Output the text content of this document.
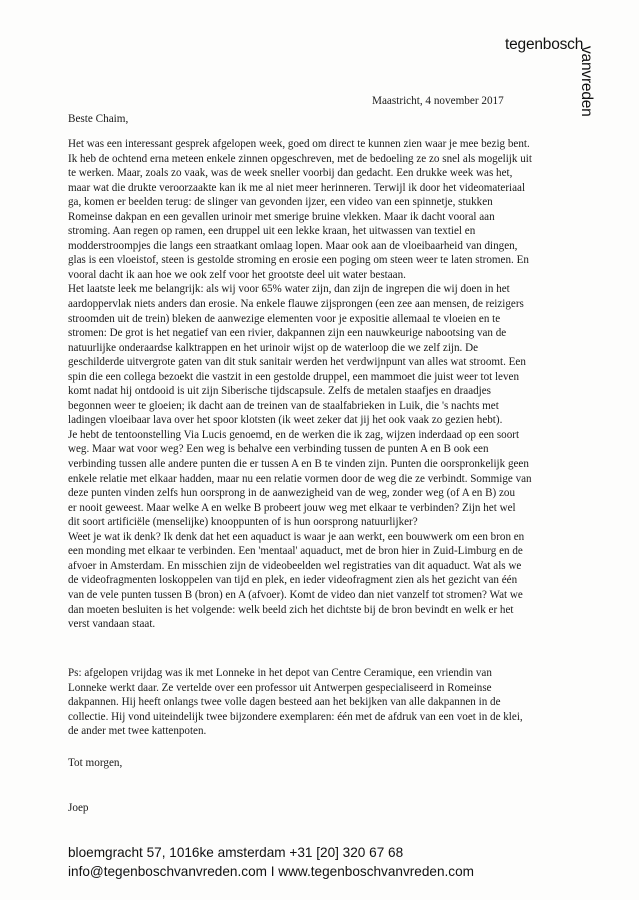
tegenbosch
vanvreden
Maastricht, 4 november 2017
Beste Chaim,
Het was een interessant gesprek afgelopen week, goed om direct te kunnen zien waar je mee bezig bent.
Ik heb de ochtend erna meteen enkele zinnen opgeschreven, met de bedoeling ze zo snel als mogelijk uit
te werken. Maar, zoals zo vaak, was de week sneller voorbij dan gedacht. Een drukke week was het,
maar wat die drukte veroorzaakte kan ik me al niet meer herinneren. Terwijl ik door het videomateriaal
ga, komen er beelden terug: de slinger van gevonden ijzer, een video van een spinnetje, stukken
Romeinse dakpan en een gevallen urinoir met smerige bruine vlekken. Maar ik dacht vooral aan
stroming. Aan regen op ramen, een druppel uit een lekke kraan, het uitwassen van textiel en
modderstroompjes die langs een straatkant omlaag lopen. Maar ook aan de vloeibaarheid van dingen,
glas is een vloeistof, steen is gestolde stroming en erosie een poging om steen weer te laten stromen. En
vooral dacht ik aan hoe we ook zelf voor het grootste deel uit water bestaan.
Het laatste leek me belangrijk: als wij voor 65% water zijn, dan zijn de ingrepen die wij doen in het
aardoppervlak niets anders dan erosie. Na enkele flauwe zijsprongen (een zee aan mensen, de reizigers
stroomden uit de trein) bleken de aanwezige elementen voor je expositie allemaal te vloeien en te
stromen: De grot is het negatief van een rivier, dakpannen zijn een nauwkeurige nabootsing van de
natuurlijke onderaardse kalktrappen en het urinoir wijst op de waterloop die we zelf zijn. De
geschilderde uitvergrote gaten van dit stuk sanitair werden het verdwijnpunt van alles wat stroomt. Een
spin die een collega bezoekt die vastzit in een gestolde druppel, een mammoet die juist weer tot leven
komt nadat hij ontdooid is uit zijn Siberische tijdscapsule. Zelfs de metalen staafjes en draadjes
begonnen weer te gloeien; ik dacht aan de treinen van de staalfabrieken in Luik, die 's nachts met
ladingen vloeibaar lava over het spoor klotsten (ik weet zeker dat jij het ook vaak zo gezien hebt).
Je hebt de tentoonstelling Via Lucis genoemd, en de werken die ik zag, wijzen inderdaad op een soort
weg. Maar wat voor weg? Een weg is behalve een verbinding tussen de punten A en B ook een
verbinding tussen alle andere punten die er tussen A en B te vinden zijn. Punten die oorspronkelijk geen
enkele relatie met elkaar hadden, maar nu een relatie vormen door de weg die ze verbindt. Sommige van
deze punten vinden zelfs hun oorsprong in de aanwezigheid van de weg, zonder weg (of A en B) zou
er nooit geweest. Maar welke A en welke B probeert jouw weg met elkaar te verbinden? Zijn het wel
dit soort artificiële (menselijke) knooppunten of is hun oorsprong natuurlijker?
Weet je wat ik denk? Ik denk dat het een aquaduct is waar je aan werkt, een bouwwerk om een bron en
een monding met elkaar te verbinden. Een 'mentaal' aquaduct, met de bron hier in Zuid-Limburg en de
afvoer in Amsterdam. En misschien zijn de videobeelden wel registraties van dit aquaduct. Wat als we
de videofragmenten loskoppelen van tijd en plek, en ieder videofragment zien als het gezicht van één
van de vele punten tussen B (bron) en A (afvoer). Komt de video dan niet vanzelf tot stromen? Wat we
dan moeten besluiten is het volgende: welk beeld zich het dichtste bij de bron bevindt en welk er het
verst vandaan staat.
Ps: afgelopen vrijdag was ik met Lonneke in het depot van Centre Ceramique, een vriendin van
Lonneke werkt daar. Ze vertelde over een professor uit Antwerpen gespecialiseerd in Romeinse
dakpannen. Hij heeft onlangs twee volle dagen besteed aan het bekijken van alle dakpannen in de
collectie. Hij vond uiteindelijk twee bijzondere exemplaren: één met de afdruk van een voet in de klei,
de ander met twee kattenpoten.
Tot morgen,
Joep
bloemgracht 57, 1016ke amsterdam +31 [20] 320 67 68
info@tegenboschvanvreden.com I www.tegenboschvanvreden.com
